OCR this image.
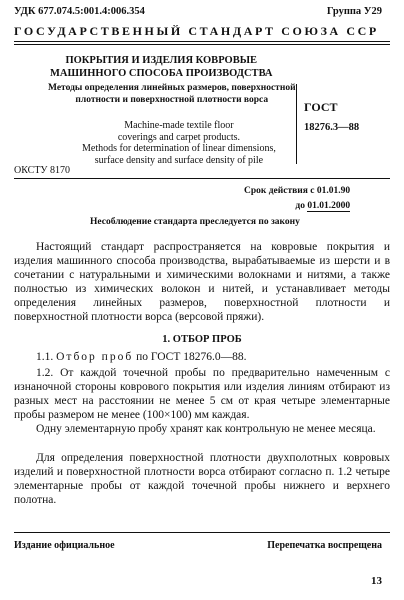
УДК 677.074.5:001.4:006.354	Группа У29
ГОСУДАРСТВЕННЫЙ СТАНДАРТ СОЮЗА ССР
ПОКРЫТИЯ И ИЗДЕЛИЯ КОВРОВЫЕ
МАШИННОГО СПОСОБА ПРОИЗВОДСТВА
Методы определения линейных размеров, поверхностной
плотности и поверхностной плотности ворса
Machine-made textile floor
coverings and carpet products.
Methods for determination of linear dimensions,
surface density and surface density of pile
ГОСТ
18276.3—88
ОКСТУ 8170
Срок действия с 01.01.90
до 01.01.2000
Несоблюдение стандарта преследуется по закону
Настоящий стандарт распространяется на ковровые покрытия и изделия машинного способа производства, вырабатываемые из шерсти и в сочетании с натуральными и химическими волокнами и нитями, а также полностью из химических волокон и нитей, и устанавливает методы определения линейных размеров, поверхностной плотности и поверхностной плотности ворса (версовой пряжи).
1. ОТБОР ПРОБ
1.1. Отбор проб по ГОСТ 18276.0—88.
1.2. От каждой точечной пробы по предварительно намеченным с изнаночной стороны коврового покрытия или изделия линиям отбирают из разных мест на расстоянии не менее 5 см от края четыре элементарные пробы размером не менее (100×100) мм каждая.
Одну элементарную пробу хранят как контрольную не менее месяца.
Для определения поверхностной плотности двухполотных ковровых изделий и поверхностной плотности ворса отбирают согласно п. 1.2 четыре элементарные пробы от каждой точечной пробы нижнего и верхнего полотна.
Издание официальное	Перепечатка воспрещена
13
